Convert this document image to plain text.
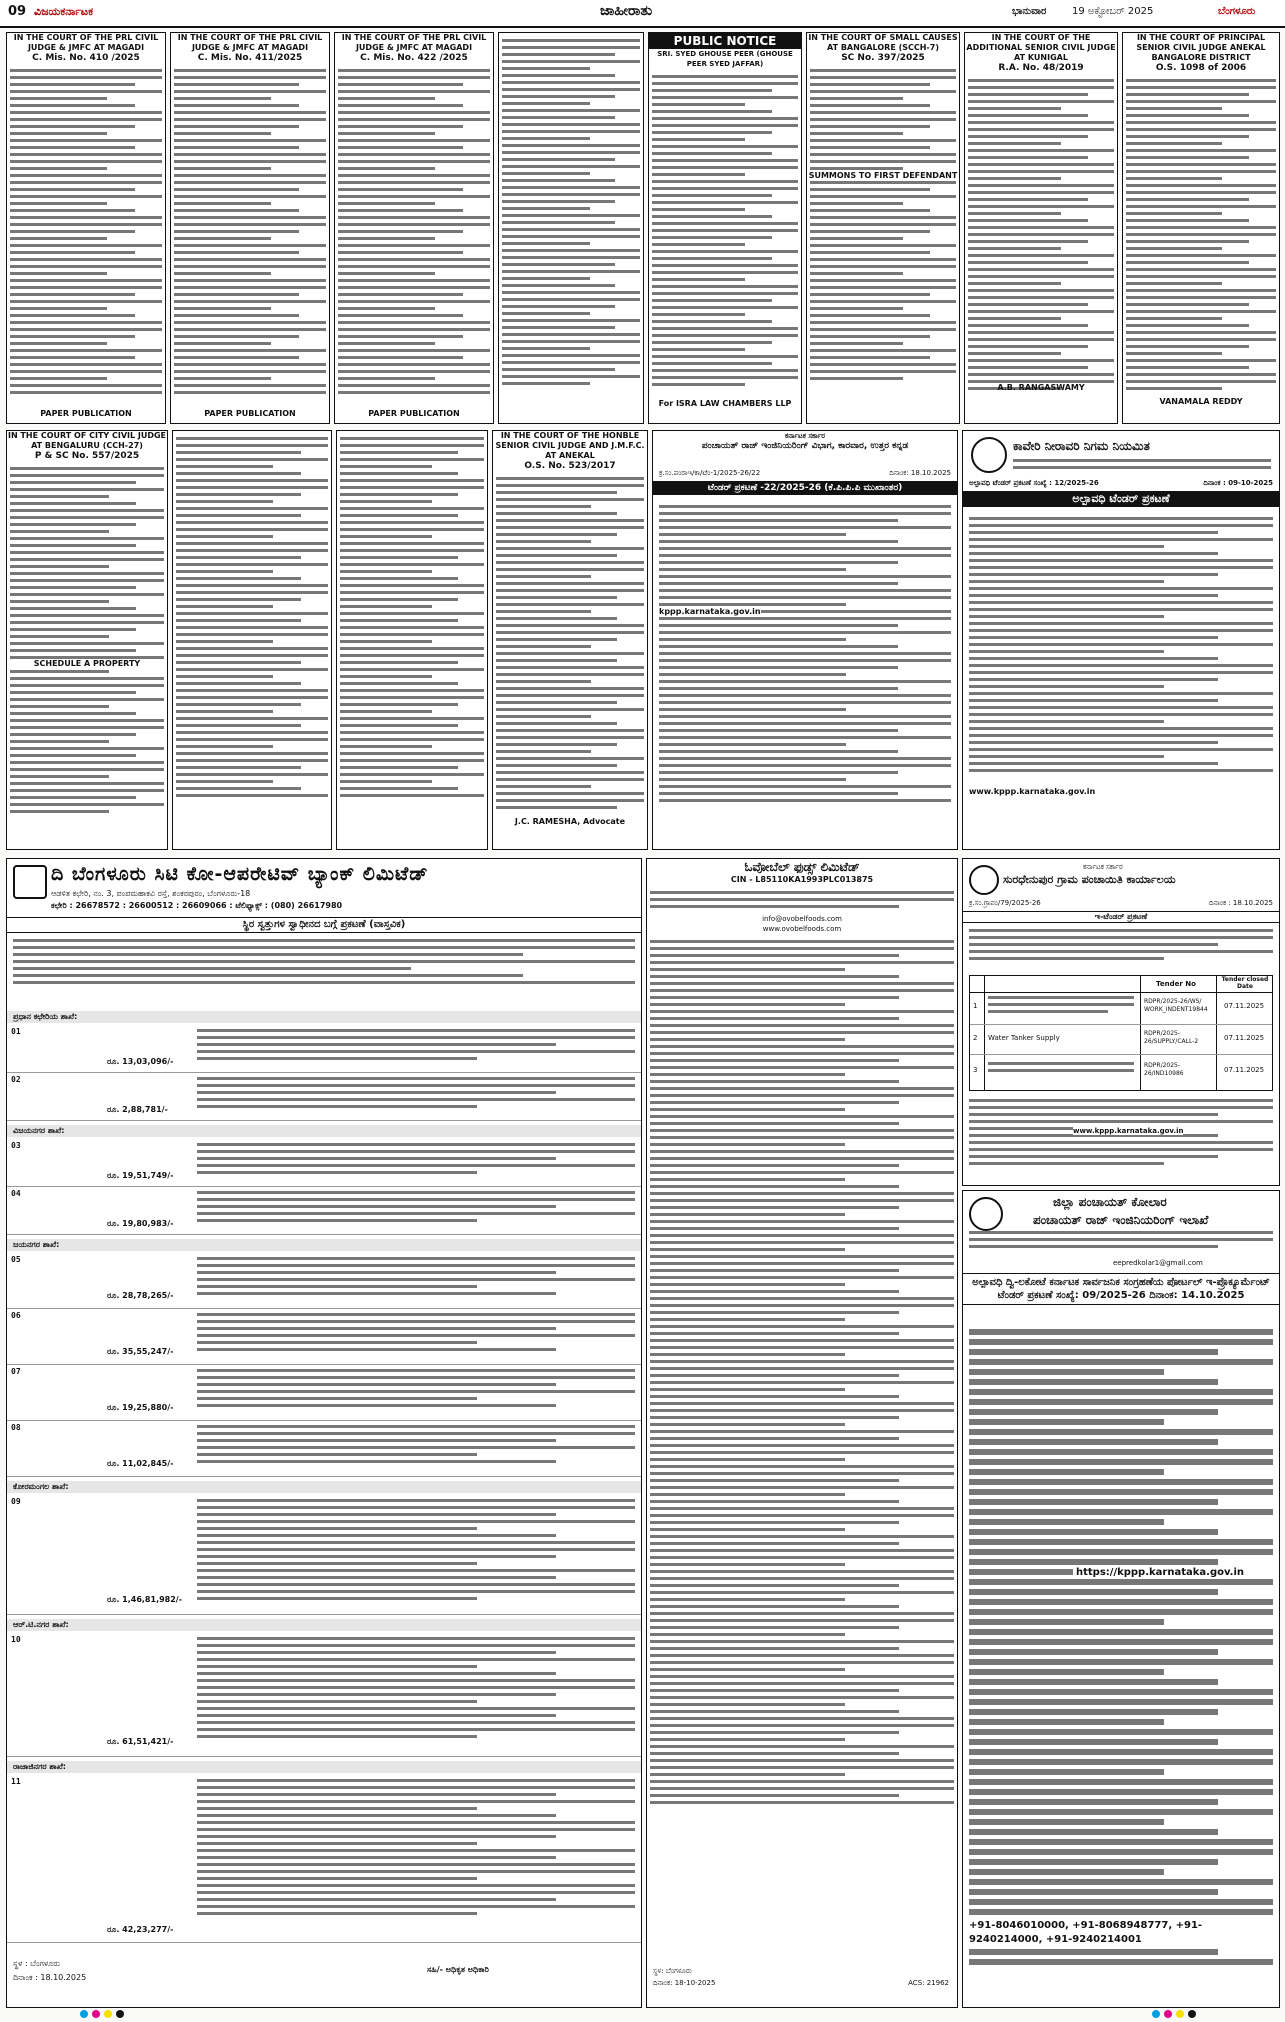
09 ವಿಜಯಕರ್ನಾಟಕ	ಜಾಹೀರಾತು	ಭಾನುವಾರ	19 ಅಕ್ಟೋಬರ್ 2025	ಬೆಂಗಳೂರು
IN THE COURT OF THE PRL CIVIL JUDGE & JMFC AT MAGADI
C. Mis. No. 410 /2025
PAPER PUBLICATION
IN THE COURT OF THE PRL CIVIL JUDGE & JMFC AT MAGADI
C. Mis. No. 411/2025
PAPER PUBLICATION
IN THE COURT OF THE PRL CIVIL JUDGE & JMFC AT MAGADI
C. Mis. No. 422 /2025
PAPER PUBLICATION
PUBLIC NOTICE
SRI. SYED GHOUSE PEER (GHOUSE PEER SYED JAFFAR)
For ISRA LAW CHAMBERS LLP
IN THE COURT OF SMALL CAUSES AT BANGALORE (SCCH-7)
SC No. 397/2025
SUMMONS TO FIRST DEFENDANT
IN THE COURT OF THE ADDITIONAL SENIOR CIVIL JUDGE AT KUNIGAL
R.A. No. 48/2019
A.B. RANGASWAMY
IN THE COURT OF PRINCIPAL SENIOR CIVIL JUDGE ANEKAL BANGALORE DISTRICT
O.S. 1098 of 2006
VANAMALA REDDY
IN THE COURT OF CITY CIVIL JUDGE AT BENGALURU (CCH-27)
P & SC No. 557/2025
SCHEDULE A PROPERTY
IN THE COURT OF THE HONBLE SENIOR CIVIL JUDGE AND J.M.F.C. AT ANEKAL
O.S. No. 523/2017
J.C. RAMESHA, Advocate
ಕರ್ನಾಟಕ ಸರ್ಕಾರ
ಪಂಚಾಯತ್ ರಾಜ್ ಇಂಜಿನಿಯರಿಂಗ್ ವಿಭಾಗ, ಕಾರವಾರ, ಉತ್ತರ ಕನ್ನಡ
ಕ್ರ.ಸಂ.ಪಂರಾಇ/ಕಾ/ಟೆಂ-1/2025-26/22	ದಿನಾಂಕ: 18.10.2025
ಟೆಂಡರ್ ಪ್ರಕಟಣೆ -22/2025-26 (ಕೆ.ಪಿ.ಪಿ.ಪಿ ಮುಖಾಂತರ)
kppp.karnataka.gov.in
ಕಾವೇರಿ ನೀರಾವರಿ ನಿಗಮ ನಿಯಮಿತ
ಅಲ್ಪಾವಧಿ ಟೆಂಡರ್ ಪ್ರಕಟಣೆ ಸಂಖ್ಯೆ : 12/2025-26	ದಿನಾಂಕ : 09-10-2025
ಅಲ್ಪಾವಧಿ ಟೆಂಡರ್ ಪ್ರಕಟಣೆ
www.kppp.karnataka.gov.in
ದಿ ಬೆಂಗಳೂರು ಸಿಟಿ ಕೋ-ಆಪರೇಟಿವ್ ಬ್ಯಾಂಕ್ ಲಿಮಿಟೆಡ್
ಆಡಳಿತ ಕಛೇರಿ, ನಂ. 3, ಪಂಪಮಹಾಕವಿ ರಸ್ತೆ, ಶಂಕರಪುರಂ, ಬೆಂಗಳೂರು-18
ಕಛೇರಿ : 26678572 : 26600512 : 26609066 : ಟೆಲಿಫ್ಯಾಕ್ಸ್ : (080) 26617980
ಸ್ಥಿರ ಸ್ವತ್ತುಗಳ ಸ್ವಾಧೀನದ ಬಗ್ಗೆ ಪ್ರಕಟಣೆ (ವಾಸ್ತವಿಕ)
ಪ್ರಧಾನ ಕಛೇರಿಯ ಶಾಖೆ:
01
ರೂ. 13,03,096/-
02
ರೂ. 2,88,781/-
ವಿಜಯನಗರ ಶಾಖೆ:
03
ರೂ. 19,51,749/-
04
ರೂ. 19,80,983/-
ಜಯನಗರ ಶಾಖೆ:
05
ರೂ. 28,78,265/-
06
ರೂ. 35,55,247/-
07
ರೂ. 19,25,880/-
08
ರೂ. 11,02,845/-
ಕೋರಮಂಗಲ ಶಾಖೆ:
09
ರೂ. 1,46,81,982/-
ಆರ್.ಟಿ.ನಗರ ಶಾಖೆ:
10
ರೂ. 61,51,421/-
ರಾಜಾಜಿನಗರ ಶಾಖೆ:
11
ರೂ. 42,23,277/-
ಸ್ಥಳ : ಬೆಂಗಳೂರು
ದಿನಾಂಕ : 18.10.2025
ಸಹಿ/- ಅಧಿಕೃತ ಅಧಿಕಾರಿ
ಓವೋಬೆಲ್ ಫುಡ್ಸ್ ಲಿಮಿಟೆಡ್
CIN - L85110KA1993PLC013875
info@ovobelfoods.com
www.ovobelfoods.com
ಸ್ಥಳ: ಬೆಂಗಳೂರು
ದಿನಾಂಕ: 18-10-2025	ACS: 21962
ಕರ್ನಾಟಕ ಸರ್ಕಾರ
ಸುರಧೇನುಪುರ ಗ್ರಾಮ ಪಂಚಾಯಿತಿ ಕಾರ್ಯಾಲಯ
ಕ್ರ.ಸಂ.ಗ್ರಾಪಂ/79/2025-26	ದಿನಾಂಕ : 18.10.2025
ಇ-ಟೆಂಡರ್ ಪ್ರಕಟಣೆ
Tender No
Tender closed Date
1
RDPR/2025-26/WS/ WORK_INDENT19844	07.11.2025
2 Water Tanker Supply
RDPR/2025-26/SUPPLY/CALL-2	07.11.2025
3
RDPR/2025-26/IND10986	07.11.2025
www.kppp.karnataka.gov.in
ಜಿಲ್ಲಾ ಪಂಚಾಯತ್ ಕೋಲಾರ
ಪಂಚಾಯತ್ ರಾಜ್ ಇಂಜಿನಿಯರಿಂಗ್ ಇಲಾಖೆ
eepredkolar1@gmail.com
ಅಲ್ಪಾವಧಿ ದ್ವಿ-ಲಕೋಟೆ ಕರ್ನಾಟಕ ಸಾರ್ವಜನಿಕ ಸಂಗ್ರಹಣೆಯ ಪೋರ್ಟಲ್ ಇ-ಪ್ರೊಕ್ಯೂರ್ಮೆಂಟ್ ಟೆಂಡರ್ ಪ್ರಕಟಣೆ ಸಂಖ್ಯೆ: 09/2025-26 ದಿನಾಂಕ: 14.10.2025
https://kppp.karnataka.gov.in
+91-8046010000, +91-8068948777, +91-9240214000, +91-9240214001
